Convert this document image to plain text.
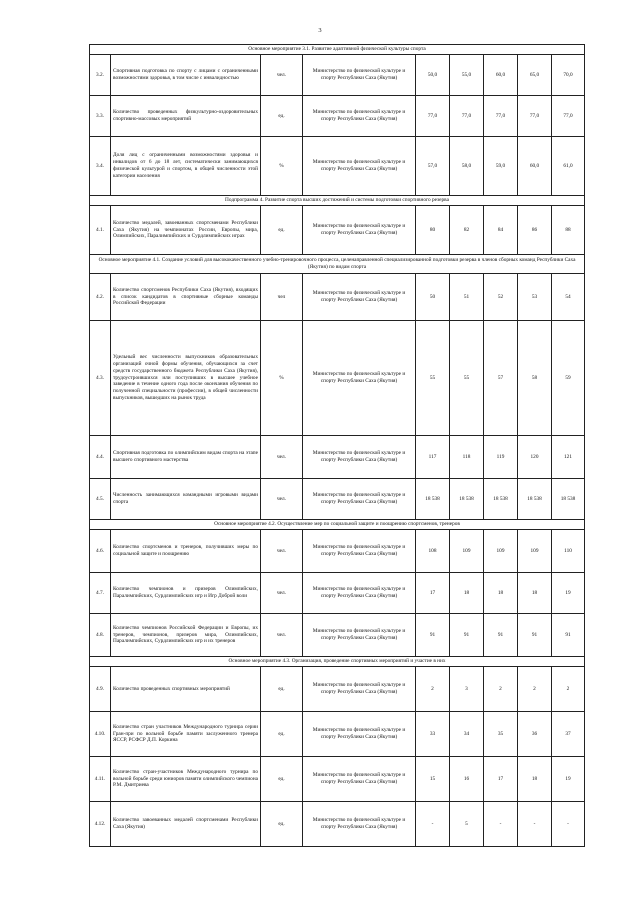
3
Основное мероприятие 3.1. Развитие адаптивной физической культуры спорта								
3.2.	Спортивная подготовка по спорту с лицами с ограниченными возможностями здоровья, в том числе с инвалидностью	чел.	Министерство по физической культуре и спорту Республики Саха (Якутия)	50,0	55,0	60,0	65,0	70,0
3.3.	Количество проведенных физкультурно-оздоровительных спортивно-массовых мероприятий	ед.	Министерство по физической культуре и спорту Республики Саха (Якутия)	77,0	77,0	77,0	77,0	77,0
3.4.	Доля лиц с ограниченными возможностями здоровья и инвалидов от 6 до 18 лет, систематически занимающихся физической культурой и спортом, в общей численности этой категории населения	%	Министерство по физической культуре и спорту Республики Саха (Якутия)	57,0	58,0	59,0	60,0	61,0
Подпрограмма 4. Развитие спорта высших достижений и системы подготовки спортивного резерва								
4.1.	Количество медалей, завоеванных спортсменами Республики Саха (Якутия) на чемпионатах России, Европы, мира, Олимпийских, Паралимпийских и Сурдлимпийских играх	ед.	Министерство по физической культуре и спорту Республики Саха (Якутия)	80	82	84	86	88
Основное мероприятие 4.1. Создание условий для высококачественного учебно-тренировочного процесса, целенаправленной специализированной подготовки резерва в членов сборных команд Республики Саха (Якутия) по видам спорта								
4.2.	Количество спортсменов Республики Саха (Якутия), входящих в список кандидатов в спортивные сборные команды Российской Федерации	чел	Министерство по физической культуре и спорту Республики Саха (Якутия)	50	51	52	53	54
4.3.	Удельный вес численности выпускников образовательных организаций очной формы обучения, обучающихся за счет средств государственного бюджета Республики Саха (Якутия), трудоустроившихся или поступивших в высшее учебное заведение в течение одного года после окончания обучения по полученной специальности (профессии), в общей численности выпускников, вышедших на рынок труда	%	Министерство по физической культуре и спорту Республики Саха (Якутия)	55	55	57	58	59
4.4.	Спортивная подготовка по олимпийским видам спорта на этапе высшего спортивного мастерства	чел.	Министерство по физической культуре и спорту Республики Саха (Якутия)	117	118	119	120	121
4.5.	Численность занимающихся командными игровыми видами спорта	чел.	Министерство по физической культуре и спорту Республики Саха (Якутия)	18 538	18 538	18 538	18 538	18 538
Основное мероприятие 4.2. Осуществление мер по социальной защите и поощрению спортсменов, тренеров								
4.6.	Количество спортсменов и тренеров, получивших меры по социальной защите и поощрению	чел.	Министерство по физической культуре и спорту Республики Саха (Якутия)	108	109	109	109	110
4.7.	Количество чемпионов и призеров Олимпийских, Паралимпийских, Сурдлимпийских игр и Игр Доброй воли	чел.	Министерство по физической культуре и спорту Республики Саха (Якутия)	17	18	18	18	19
4.8.	Количество чемпионов Российской Федерации и Европы, их тренеров, чемпионов, призеров мира, Олимпийских, Паралимпийских, Сурдлимпийских игр и их тренеров	чел.	Министерство по физической культуре и спорту Республики Саха (Якутия)	91	91	91	91	91
Основное мероприятие 4.3. Организация, проведение спортивных мероприятий и участие в них								
4.9.	Количество проведенных спортивных мероприятий	ед.	Министерство по физической культуре и спорту Республики Саха (Якутия)	2	3	2	2	2
4.10.	Количество стран участников Международного турнира серии Гран-при по вольной борьбе памяти заслуженного тренера ЯССР, РСФСР Д.П. Коркина	ед.	Министерство по физической культуре и спорту Республики Саха (Якутия)	33	34	35	36	37
4.11.	Количество стран-участников Международного турнира по вольной борьбе среди юниоров памяти олимпийского чемпиона Р.М. Дмитриева	ед.	Министерство по физической культуре и спорту Республики Саха (Якутия)	15	16	17	18	19
4.12.	Количество завоеванных медалей спортсменами Республики Саха (Якутия)	ед.	Министерство по физической культуре и спорту Республики Саха (Якутия)	-	5	-	-	-
